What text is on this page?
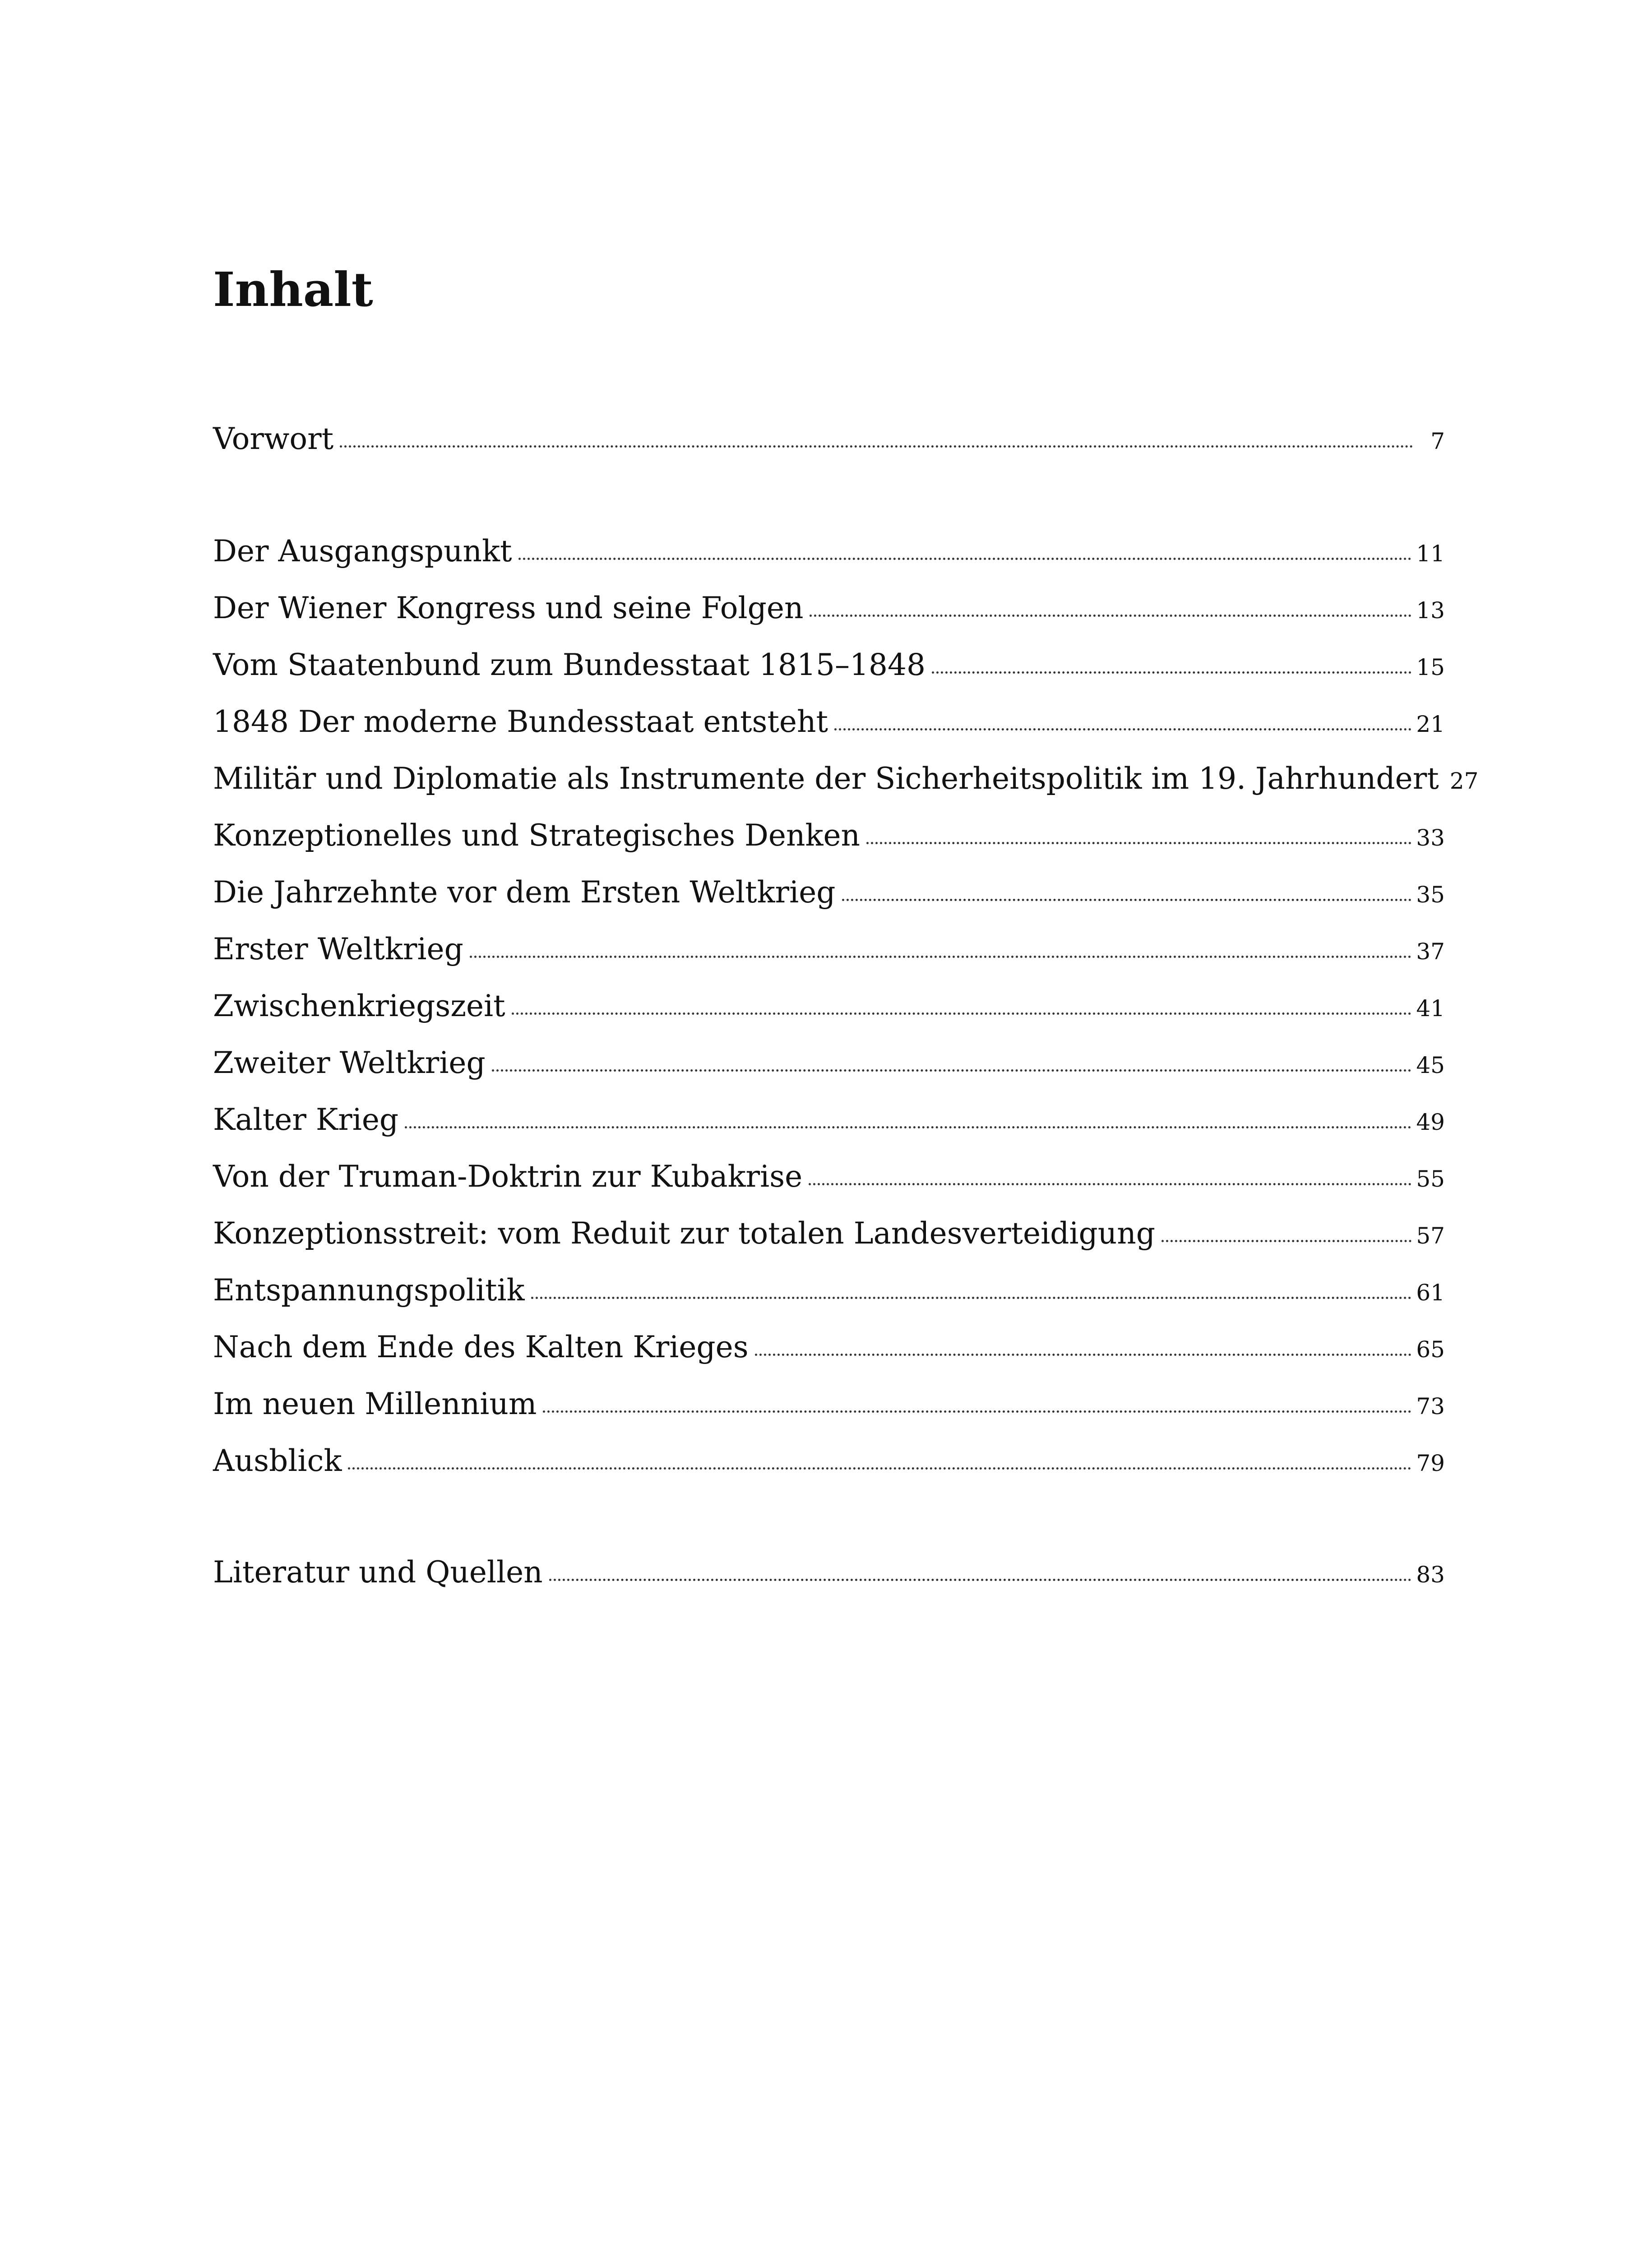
Inhalt
Vorwort	7
Der Ausgangspunkt	11
Der Wiener Kongress und seine Folgen	13
Vom Staatenbund zum Bundesstaat 1815–1848	15
1848 Der moderne Bundesstaat entsteht	21
Militär und Diplomatie als Instrumente der Sicherheitspolitik im 19. Jahrhundert 27
Konzeptionelles und Strategisches Denken	33
Die Jahrzehnte vor dem Ersten Weltkrieg	35
Erster Weltkrieg	37
Zwischenkriegszeit	41
Zweiter Weltkrieg	45
Kalter Krieg	49
Von der Truman-Doktrin zur Kubakrise	55
Konzeptionsstreit: vom Reduit zur totalen Landesverteidigung	57
Entspannungspolitik	61
Nach dem Ende des Kalten Krieges	65
Im neuen Millennium	73
Ausblick	79
Literatur und Quellen	83
